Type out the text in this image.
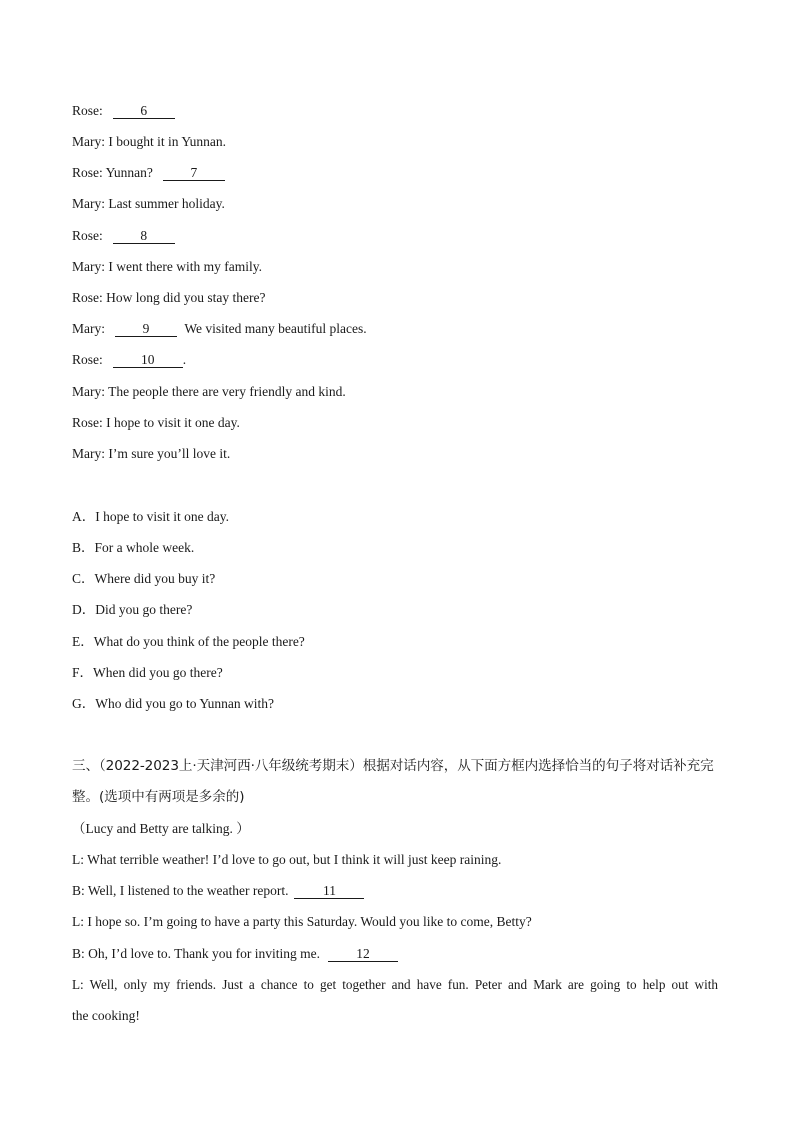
Rose:	6
Mary: I bought it in Yunnan.
Rose: Yunnan?	7
Mary: Last summer holiday.
Rose:	8
Mary: I went there with my family.
Rose: How long did you stay there?
Mary:	9	We visited many beautiful places.
Rose:	10 .
Mary: The people there are very friendly and kind.
Rose: I hope to visit it one day.
Mary: I’m sure you’ll love it.
A．I hope to visit it one day.
B．For a whole week.
C．Where did you buy it?
D．Did you go there?
E．What do you think of the people there?
F．When did you go there?
G．Who did you go to Yunnan with?
三、（2022-2023上·天津河西·八年级统考期末）根据对话内容，从下面方框内选择恰当的句子将对话补充完
整。(选项中有两项是多余的)
（Lucy and Betty are talking. ）
L: What terrible weather! I’d love to go out, but I think it will just keep raining.
B: Well, I listened to the weather report.	11
L: I hope so. I’m going to have a party this Saturday. Would you like to come, Betty?
B: Oh, I’d love to. Thank you for inviting me.	12
L: Well, only my friends. Just a chance to get together and have fun. Peter and Mark are going to help out with
the cooking!
